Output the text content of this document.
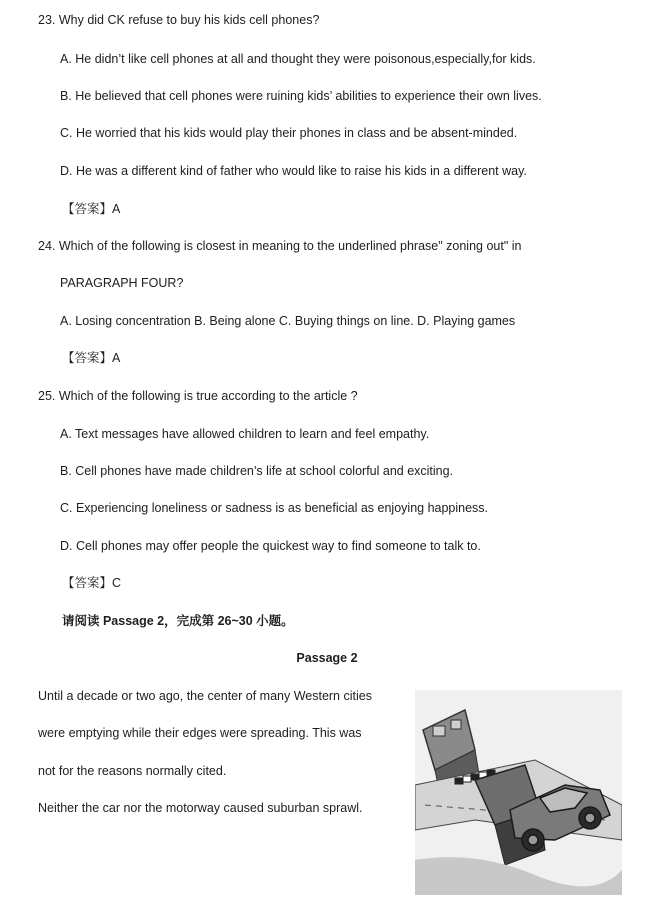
23. Why did CK refuse to buy his kids cell phones?
A. He didn’t like cell phones at all and thought they were poisonous,especially,for kids.
B. He believed that cell phones were ruining kids’ abilities to experience their own lives.
C. He worried that his kids would play their phones in class and be absent-minded.
D. He was a different kind of father who would like to raise his kids in a different way.
【答案】A
24. Which of the following is closest in meaning to the underlined phrase" zoning out" in
PARAGRAPH FOUR?
A. Losing concentration B. Being alone C. Buying things on line. D. Playing games
【答案】A
25. Which of the following is true according to the article ?
A. Text messages have allowed children to learn and feel empathy.
B. Cell phones have made children’s life at school colorful and exciting.
C. Experiencing loneliness or sadness is as beneficial as enjoying happiness.
D. Cell phones may offer people the quickest way to find someone to talk to.
【答案】C
请阅读 Passage 2，完成第 26~30 小题。
Passage 2
Until a decade or two ago, the center of many Western cities
were emptying while their edges were spreading. This was
not for the reasons normally cited.
Neither the car nor the motorway caused suburban sprawl.
